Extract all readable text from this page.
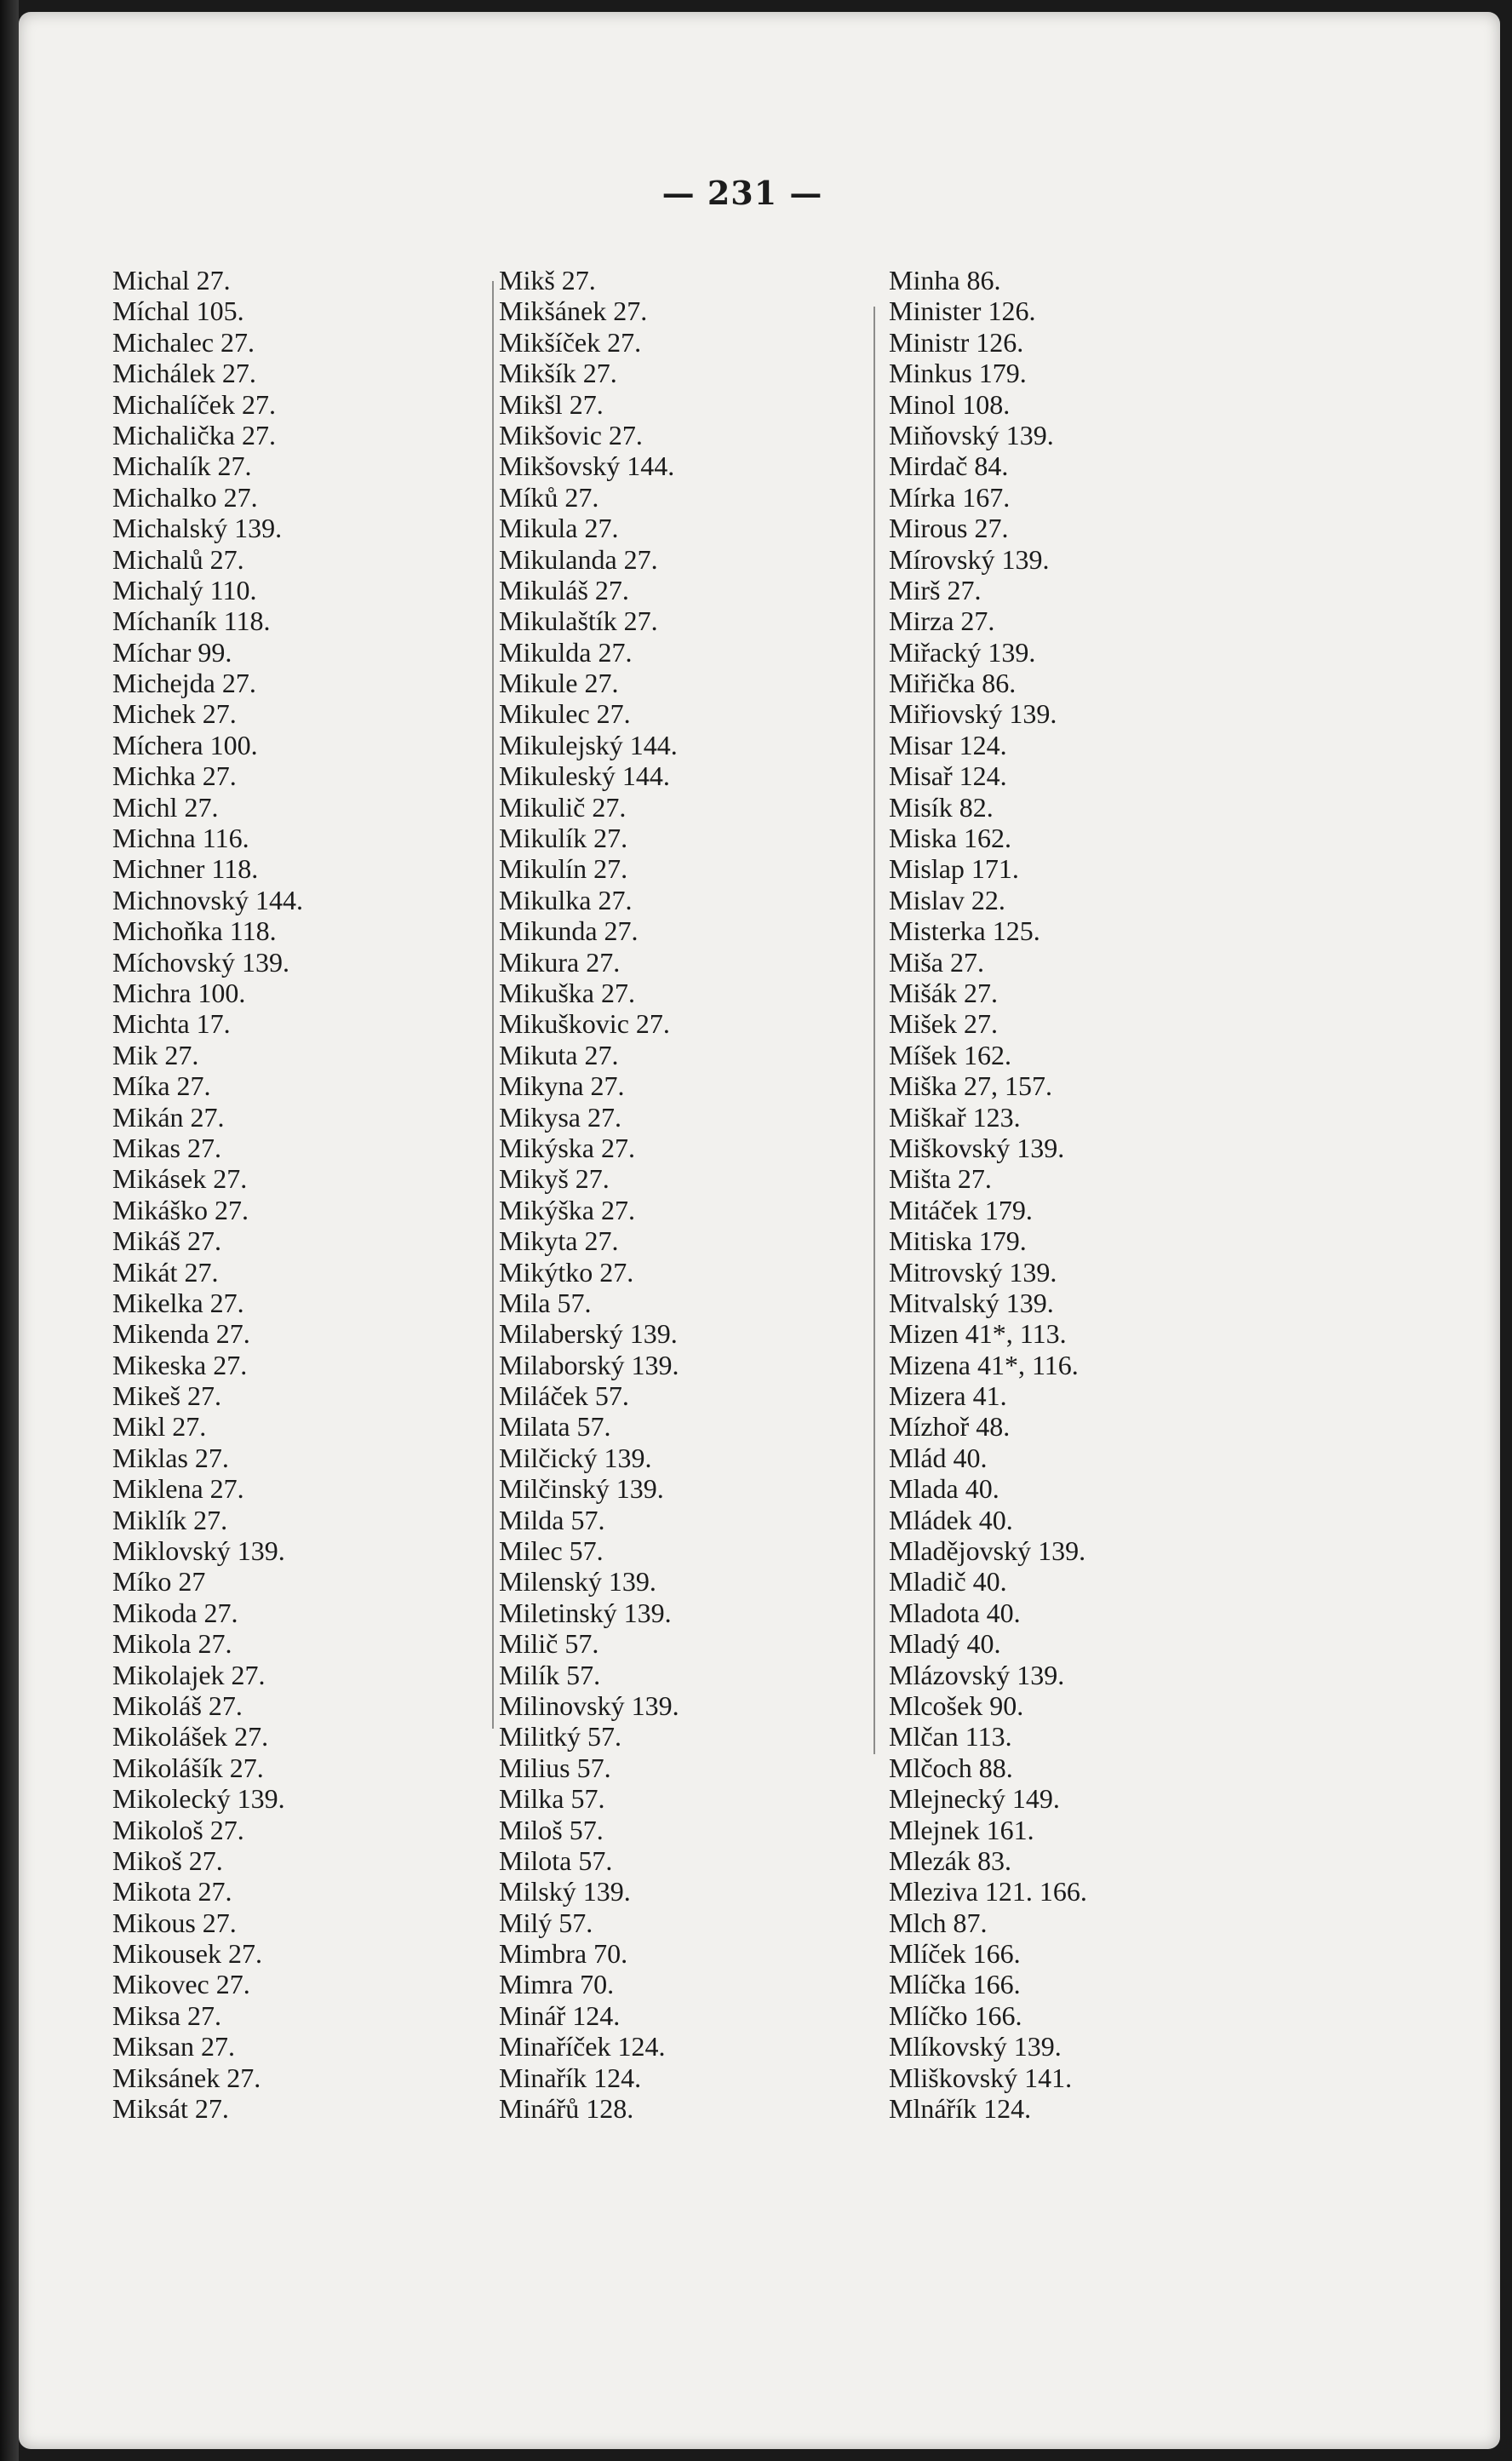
— 231 —
Michal 27.
Míchal 105.
Michalec 27.
Michálek 27.
Michalíček 27.
Michalička 27.
Michalík 27.
Michalko 27.
Michalský 139.
Michalů 27.
Michalý 110.
Míchaník 118.
Míchar 99.
Michejda 27.
Michek 27.
Míchera 100.
Michka 27.
Michl 27.
Michna 116.
Michner 118.
Michnovský 144.
Michoňka 118.
Míchovský 139.
Michra 100.
Michta 17.
Mik 27.
Míka 27.
Mikán 27.
Mikas 27.
Mikásek 27.
Mikáško 27.
Mikáš 27.
Mikát 27.
Mikelka 27.
Mikenda 27.
Mikeska 27.
Mikeš 27.
Mikl 27.
Miklas 27.
Miklena 27.
Miklík 27.
Miklovský 139.
Míko 27
Mikoda 27.
Mikola 27.
Mikolajek 27.
Mikoláš 27.
Mikolášek 27.
Mikolášík 27.
Mikolecký 139.
Mikološ 27.
Mikoš 27.
Mikota 27.
Mikous 27.
Mikousek 27.
Mikovec 27.
Miksa 27.
Miksan 27.
Miksánek 27.
Miksát 27.
Mikš 27.
Mikšánek 27.
Mikšíček 27.
Mikšík 27.
Mikšl 27.
Mikšovic 27.
Mikšovský 144.
Míků 27.
Mikula 27.
Mikulanda 27.
Mikuláš 27.
Mikulaštík 27.
Mikulda 27.
Mikule 27.
Mikulec 27.
Mikulejský 144.
Mikuleský 144.
Mikulič 27.
Mikulík 27.
Mikulín 27.
Mikulka 27.
Mikunda 27.
Mikura 27.
Mikuška 27.
Mikuškovic 27.
Mikuta 27.
Mikyna 27.
Mikysa 27.
Mikýska 27.
Mikyš 27.
Mikýška 27.
Mikyta 27.
Mikýtko 27.
Mila 57.
Milaberský 139.
Milaborský 139.
Miláček 57.
Milata 57.
Milčický 139.
Milčinský 139.
Milda 57.
Milec 57.
Milenský 139.
Miletinský 139.
Milič 57.
Milík 57.
Milinovský 139.
Militký 57.
Milius 57.
Milka 57.
Miloš 57.
Milota 57.
Milský 139.
Milý 57.
Mimbra 70.
Mimra 70.
Minář 124.
Minaříček 124.
Minařík 124.
Minářů 128.
Minha 86.
Minister 126.
Ministr 126.
Minkus 179.
Minol 108.
Miňovský 139.
Mirdač 84.
Mírka 167.
Mirous 27.
Mírovský 139.
Mirš 27.
Mirza 27.
Miřacký 139.
Miřička 86.
Miřiovský 139.
Misar 124.
Misař 124.
Misík 82.
Miska 162.
Mislap 171.
Mislav 22.
Misterka 125.
Miša 27.
Mišák 27.
Mišek 27.
Míšek 162.
Miška 27, 157.
Miškař 123.
Miškovský 139.
Mišta 27.
Mitáček 179.
Mitiska 179.
Mitrovský 139.
Mitvalský 139.
Mizen 41*, 113.
Mizena 41*, 116.
Mizera 41.
Mízhoř 48.
Mlád 40.
Mlada 40.
Mládek 40.
Mladějovský 139.
Mladič 40.
Mladota 40.
Mladý 40.
Mlázovský 139.
Mlcošek 90.
Mlčan 113.
Mlčoch 88.
Mlejnecký 149.
Mlejnek 161.
Mlezák 83.
Mleziva 121. 166.
Mlch 87.
Mlíček 166.
Mlíčka 166.
Mlíčko 166.
Mlíkovský 139.
Mliškovský 141.
Mlnářík 124.
